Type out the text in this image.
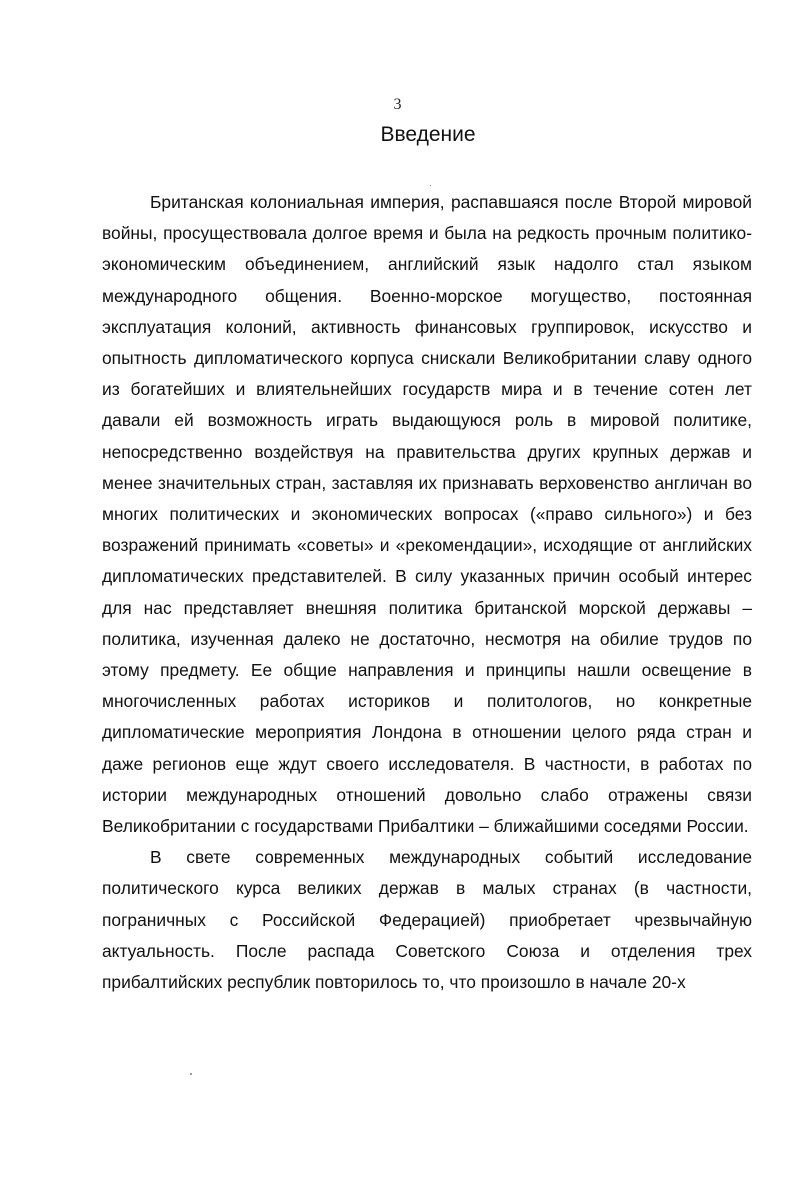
3
Введение

Британская колониальная империя, распавшаяся после Второй мировой войны, просуществовала долгое время и была на редкость прочным политико-экономическим объединением, английский язык надолго стал языком международного общения. Военно-морское могущество, постоянная эксплуатация колоний, активность финансовых группировок, искусство и опытность дипломатического корпуса снискали Великобритании славу одного из богатейших и влиятельнейших государств мира и в течение сотен лет давали ей возможность играть выдающуюся роль в мировой политике, непосредственно воздействуя на правительства других крупных держав и менее значительных стран, заставляя их признавать верховенство англичан во многих политических и экономических вопросах («право сильного») и без возражений принимать «советы» и «рекомендации», исходящие от английских дипломатических представителей. В силу указанных причин особый интерес для нас представляет внешняя политика британской морской державы – политика, изученная далеко не достаточно, несмотря на обилие трудов по этому предмету. Ее общие направления и принципы нашли освещение в многочисленных работах историков и политологов, но конкретные дипломатические мероприятия Лондона в отношении целого ряда стран и даже регионов еще ждут своего исследователя. В частности, в работах по истории международных отношений довольно слабо отражены связи Великобритании с государствами Прибалтики – ближайшими соседями России.

В свете современных международных событий исследование политического курса великих держав в малых странах (в частности, пограничных с Российской Федерацией) приобретает чрезвычайную актуальность. После распада Советского Союза и отделения трех прибалтийских республик повторилось то, что произошло в начале 20-х
